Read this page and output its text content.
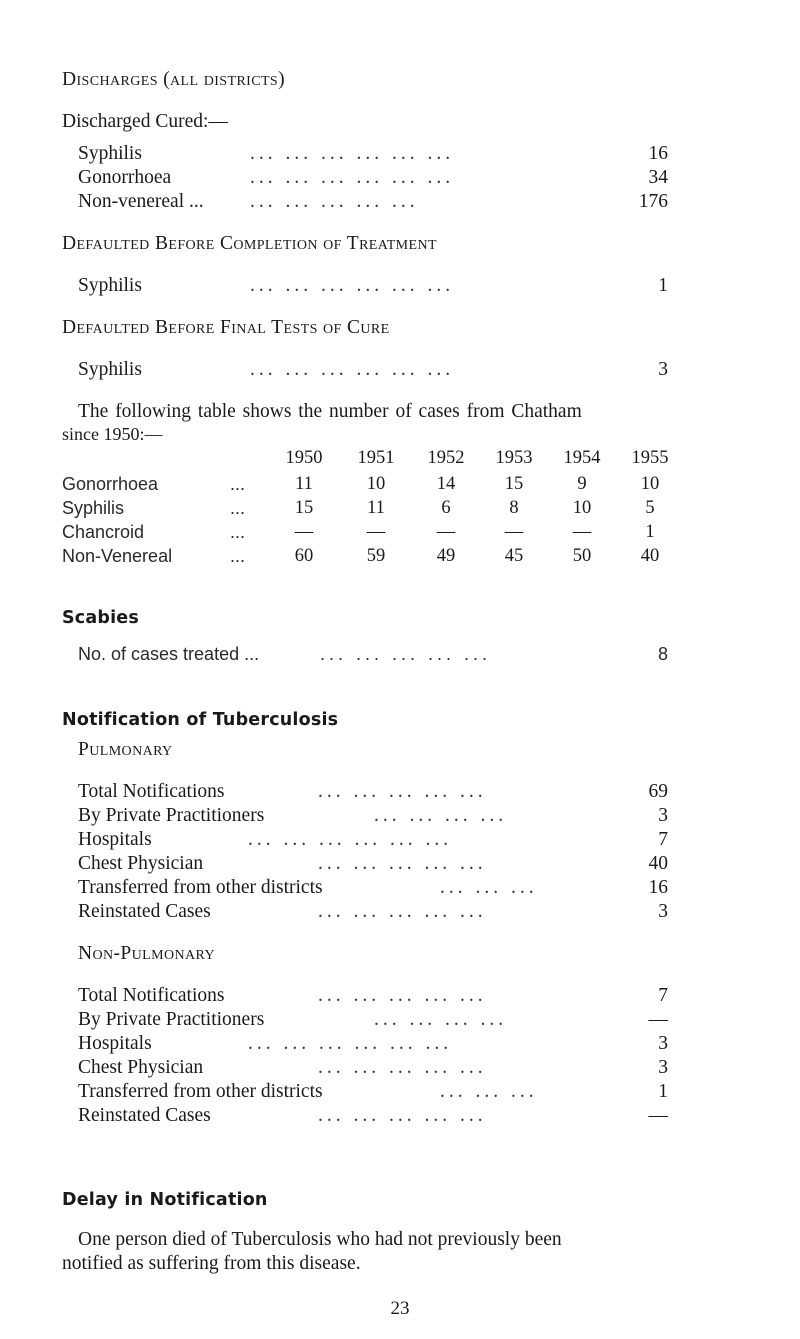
Discharges (all districts)
Discharged Cured:—
Syphilis	... ... ... ... ... ...	16
Gonorrhoea	... ... ... ... ... ...	34
Non-venereal ... ... ... ... ... ...	176
Defaulted Before Completion of Treatment
Syphilis	... ... ... ... ... ...	1
Defaulted Before Final Tests of Cure
Syphilis	... ... ... ... ... ...	3
The following table shows the number of cases from Chatham
since 1950:—
1950	1951	1952	1953	1954	1955
Gonorrhoea	...	11	10	14	15	9	10
Syphilis	...	15	11	6	8	10	5
Chancroid	...	—	—	—	—	—	1
Non-Venereal	...	60	59	49	45	50	40
Scabies
No. of cases treated ...	... ... ... ... ...	8
Notification of Tuberculosis
Pulmonary
Total Notifications	... ... ... ... ...	69
By Private Practitioners	... ... ... ...	3
Hospitals	... ... ... ... ... ...	7
Chest Physician	... ... ... ... ...	40
Transferred from other districts	... ... ...	16
Reinstated Cases	... ... ... ... ...	3
Non-Pulmonary
Total Notifications	... ... ... ... ...	7
By Private Practitioners	... ... ... ...	—
Hospitals	... ... ... ... ... ...	3
Chest Physician	... ... ... ... ...	3
Transferred from other districts	... ... ...	1
Reinstated Cases	... ... ... ... ...	—
Delay in Notification
One person died of Tuberculosis who had not previously been
notified as suffering from this disease.
23
